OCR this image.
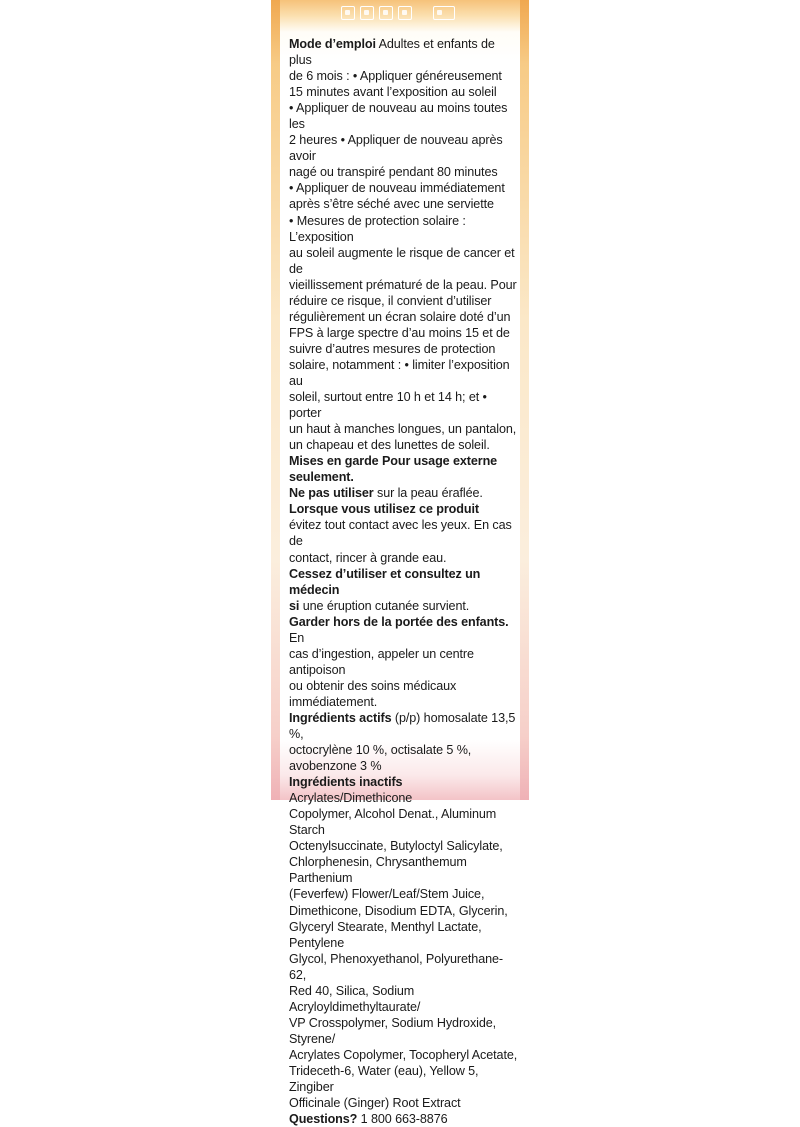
Mode d’emploi Adultes et enfants de plus

de 6 mois : • Appliquer généreusement

15 minutes avant l’exposition au soleil

• Appliquer de nouveau au moins toutes les

2 heures • Appliquer de nouveau après avoir

nagé ou transpiré pendant 80 minutes

• Appliquer de nouveau immédiatement

après s’être séché avec une serviette

• Mesures de protection solaire : L’exposition

au soleil augmente le risque de cancer et de

vieillissement prématuré de la peau. Pour

réduire ce risque, il convient d’utiliser

régulièrement un écran solaire doté d’un

FPS à large spectre d’au moins 15 et de

suivre d’autres mesures de protection

solaire, notamment : • limiter l’exposition au

soleil, surtout entre 10 h et 14 h; et • porter

un haut à manches longues, un pantalon,

un chapeau et des lunettes de soleil.

Mises en garde Pour usage externe

seulement.

Ne pas utiliser sur la peau éraflée.

Lorsque vous utilisez ce produit

évitez tout contact avec les yeux. En cas de

contact, rincer à grande eau.

Cessez d’utiliser et consultez un médecin

si une éruption cutanée survient.

Garder hors de la portée des enfants. En

cas d’ingestion, appeler un centre antipoison

ou obtenir des soins médicaux immédiatement.

Ingrédients actifs (p/p) homosalate 13,5 %,

octocrylène 10 %, octisalate 5 %,

avobenzone 3 %

Ingrédients inactifs Acrylates/Dimethicone

Copolymer, Alcohol Denat., Aluminum Starch

Octenylsuccinate, Butyloctyl Salicylate,

Chlorphenesin, Chrysanthemum Parthenium

(Feverfew) Flower/Leaf/Stem Juice,

Dimethicone, Disodium EDTA, Glycerin,

Glyceryl Stearate, Menthyl Lactate, Pentylene

Glycol, Phenoxyethanol, Polyurethane-62,

Red 40, Silica, Sodium Acryloyldimethyltaurate/

VP Crosspolymer, Sodium Hydroxide, Styrene/

Acrylates Copolymer, Tocopheryl Acetate,

Trideceth-6, Water (eau), Yellow 5, Zingiber

Officinale (Ginger) Root Extract

Questions? 1 800 663-8876
